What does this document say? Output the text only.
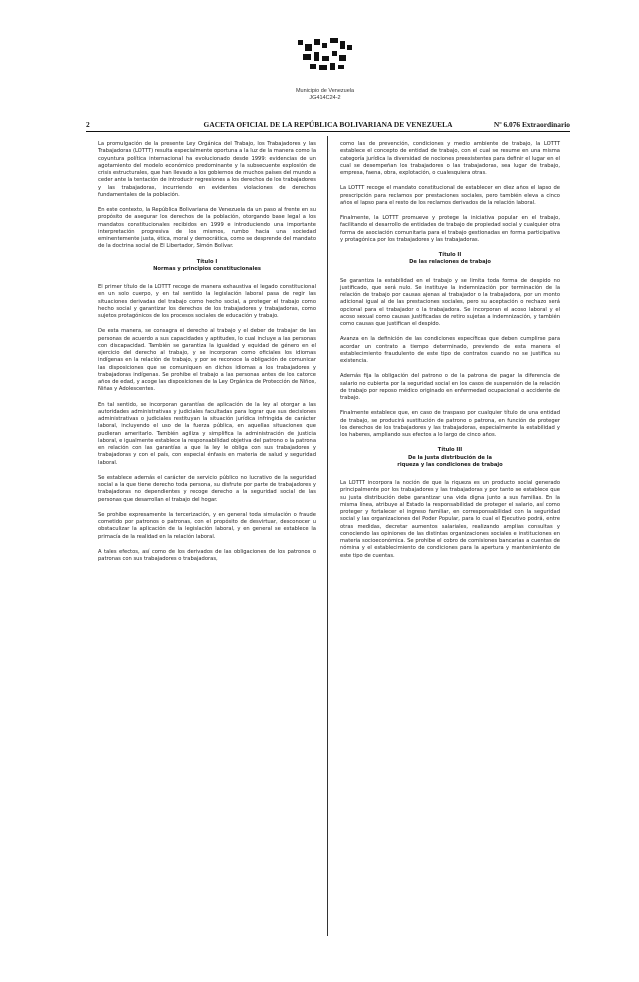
Municipio de Venezuela
JG414C24-2
2	GACETA OFICIAL DE LA REPÚBLICA BOLIVARIANA DE VENEZUELA	Nº 6.076 Extraordinario

La promulgación de la presente Ley Orgánica del Trabajo, los Trabajadores y las Trabajadoras (LOTTT) resulta especialmente oportuna a la luz de la manera como la coyuntura política internacional ha evolucionado desde 1999: evidencias de un agotamiento del modelo económico predominante y la subsecuente explosión de crisis estructurales, que han llevado a los gobiernos de muchos países del mundo a ceder ante la tentación de introducir regresiones a los derechos de los trabajadores y las trabajadoras, incurriendo en evidentes violaciones de derechos fundamentales de la población.

En este contexto, la República Bolivariana de Venezuela da un paso al frente en su propósito de asegurar los derechos de la población, otorgando base legal a los mandatos constitucionales recibidos en 1999 e introduciendo una importante interpretación progresiva de los mismos, rumbo hacia una sociedad eminentemente justa, ética, moral y democrática, como se desprende del mandato de la doctrina social de El Libertador, Simón Bolívar.

Título I
Normas y principios constitucionales

El primer título de la LOTTT recoge de manera exhaustiva el legado constitucional en un solo cuerpo, y en tal sentido la legislación laboral pasa de regir las situaciones derivadas del trabajo como hecho social, a proteger el trabajo como hecho social y garantizar los derechos de los trabajadores y trabajadoras, como sujetos protagónicos de los procesos sociales de educación y trabajo.

De esta manera, se consagra el derecho al trabajo y el deber de trabajar de las personas de acuerdo a sus capacidades y aptitudes, lo cual incluye a las personas con discapacidad. También se garantiza la igualdad y equidad de género en el ejercicio del derecho al trabajo, y se incorporan como oficiales los idiomas indígenas en la relación de trabajo, y por se reconoce la obligación de comunicar las disposiciones que se comuniquen en dichos idiomas a los trabajadores y trabajadoras indígenas. Se prohibe el trabajo a las personas antes de los catorce años de edad, y acoge las disposiciones de la Ley Orgánica de Protección de Niños, Niñas y Adolescentes.

En tal sentido, se incorporan garantías de aplicación de la ley al otorgar a las autoridades administrativas y judiciales facultadas para lograr que sus decisiones administrativas o judiciales restituyan la situación jurídica infringida de carácter laboral, incluyendo el uso de la fuerza pública, en aquellas situaciones que pudieran ameritarlo. También agiliza y simplifica la administración de justicia laboral, e igualmente establece la responsabilidad objetiva del patrono o la patrona en relación con las garantías a que la ley le obliga con sus trabajadores y trabajadoras y con el país, con especial énfasis en materia de salud y seguridad laboral.

Se establece además el carácter de servicio público no lucrativo de la seguridad social a la que tiene derecho toda persona, su disfrute por parte de trabajadores y trabajadoras no dependientes y recoge derecho a la seguridad social de las personas que desarrollan el trabajo del hogar.

Se prohibe expresamente la tercerización, y en general toda simulación o fraude cometido por patronos o patronas, con el propósito de desvirtuar, desconocer u obstaculizar la aplicación de la legislación laboral, y en general se establece la primacía de la realidad en la relación laboral.

A tales efectos, así como de los derivados de las obligaciones de los patronos o patronas con sus trabajadores o trabajadoras,

como las de prevención, condiciones y medio ambiente de trabajo, la LOTTT establece el concepto de entidad de trabajo, con el cual se resume en una misma categoría jurídica la diversidad de nociones preexistentes para definir el lugar en el cual se desempeñan los trabajadores o las trabajadoras, sea lugar de trabajo, empresa, faena, obra, explotación, o cualesquiera otras.

La LOTTT recoge el mandato constitucional de establecer en diez años el lapso de prescripción para reclamos por prestaciones sociales, pero también eleva a cinco años el lapso para el resto de los reclamos derivados de la relación laboral.

Finalmente, la LOTTT promueve y protege la iniciativa popular en el trabajo, facilitando el desarrollo de entidades de trabajo de propiedad social y cualquier otra forma de asociación comunitaria para el trabajo gestionadas en forma participativa y protagónica por los trabajadores y las trabajadoras.

Título II
De las relaciones de trabajo

Se garantiza la estabilidad en el trabajo y se limita toda forma de despido no justificado, que será nulo. Se instituye la indemnización por terminación de la relación de trabajo por causas ajenas al trabajador o la trabajadora, por un monto adicional igual al de las prestaciones sociales, pero su aceptación o rechazo será opcional para el trabajador o la trabajadora. Se incorporan el acoso laboral y el acoso sexual como causas justificadas de retiro sujetas a indemnización, y también como causas que justifican el despido.

Avanza en la definición de las condiciones específicas que deben cumplirse para acordar un contrato a tiempo determinado, previendo de esta manera el establecimiento fraudulento de este tipo de contratos cuando no se justifica su existencia.

Además fija la obligación del patrono o de la patrona de pagar la diferencia de salario no cubierta por la seguridad social en los casos de suspensión de la relación de trabajo por reposo médico originado en enfermedad ocupacional o accidente de trabajo.

Finalmente establece que, en caso de traspaso por cualquier título de una entidad de trabajo, se producirá sustitución de patrono o patrona, en función de proteger los derechos de los trabajadores y las trabajadoras, especialmente la estabilidad y los haberes, ampliando sus efectos a lo largo de cinco años.

Título III
De la justa distribución de la
riqueza y las condiciones de trabajo

La LOTTT incorpora la noción de que la riqueza es un producto social generado principalmente por los trabajadores y las trabajadoras y por tanto se establece que su justa distribución debe garantizar una vida digna junto a sus familias. En la misma línea, atribuye al Estado la responsabilidad de proteger el salario, así como proteger y fortalecer el ingreso familiar, en corresponsabilidad con la seguridad social y las organizaciones del Poder Popular, para lo cual el Ejecutivo podrá, entre otras medidas, decretar aumentos salariales, realizando amplias consultas y conociendo las opiniones de las distintas organizaciones sociales e instituciones en materia socioeconómica. Se prohibe el cobro de comisiones bancarias a cuentas de nómina y el establecimiento de condiciones para la apertura y mantenimiento de este tipo de cuentas.
